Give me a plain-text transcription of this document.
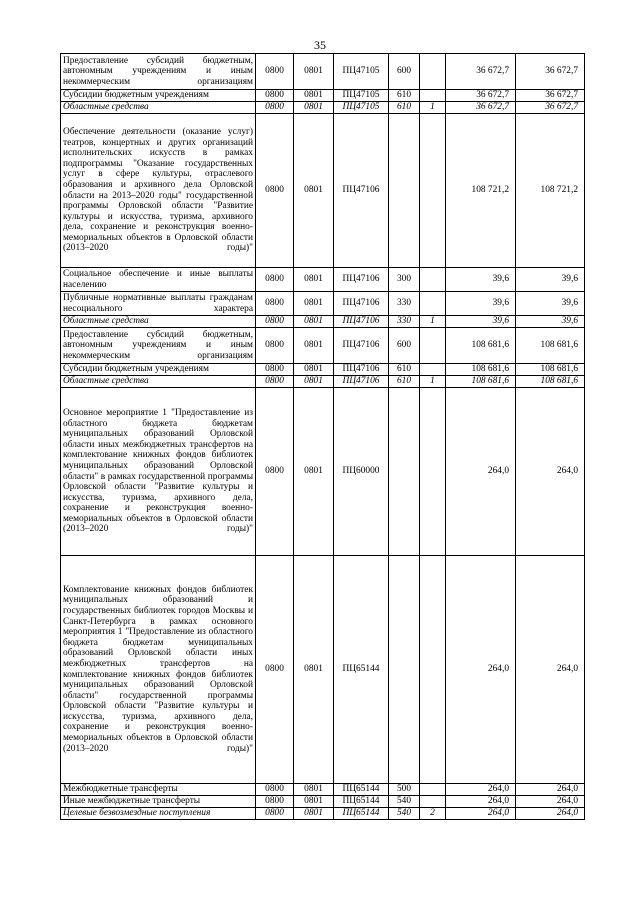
35
Предоставление субсидий бюджетным, автономным учреждениям и иным некоммерческим организациям	0800	0801	ПЦ47105	600		36 672,7	36 672,7
Субсидии бюджетным учреждениям	0800	0801	ПЦ47105	610		36 672,7	36 672,7
Областные средства	0800	0801	ПЦ47105	610	1	36 672,7	36 672,7
Обеспечение деятельности (оказание услуг) театров, концертных и других организаций исполнительских искусств в рамках подпрограммы "Оказание государственных услуг в сфере культуры, отраслевого образования и архивного дела Орловской области на 2013–2020 годы" государственной программы Орловской области "Развитие культуры и искусства, туризма, архивного дела, сохранение и реконструкция военно-мемориальных объектов в Орловской области (2013–2020 годы)"	0800	0801	ПЦ47106			108 721,2	108 721,2
Социальное обеспечение и иные выплаты населению	0800	0801	ПЦ47106	300		39,6	39,6
Публичные нормативные выплаты гражданам несоциального характера	0800	0801	ПЦ47106	330		39,6	39,6
Областные средства	0800	0801	ПЦ47106	330	1	39,6	39,6
Предоставление субсидий бюджетным, автономным учреждениям и иным некоммерческим организациям	0800	0801	ПЦ47106	600		108 681,6	108 681,6
Субсидии бюджетным учреждениям	0800	0801	ПЦ47106	610		108 681,6	108 681,6
Областные средства	0800	0801	ПЦ47106	610	1	108 681,6	108 681,6
Основное мероприятие 1 "Предоставление из областного бюджета бюджетам муниципальных образований Орловской области иных межбюджетных трансфертов на комплектование книжных фондов библиотек муниципальных образований Орловской области" в рамках государственной программы Орловской области "Развитие культуры и искусства, туризма, архивного дела, сохранение и реконструкция военно-мемориальных объектов в Орловской области (2013–2020 годы)"	0800	0801	ПЦ60000			264,0	264,0
Комплектование книжных фондов библиотек муниципальных образований и государственных библиотек городов Москвы и Санкт-Петербурга в рамках основного мероприятия 1 "Предоставление из областного бюджета бюджетам муниципальных образований Орловской области иных межбюджетных трансфертов на комплектование книжных фондов библиотек муниципальных образований Орловской области" государственной программы Орловской области "Развитие культуры и искусства, туризма, архивного дела, сохранение и реконструкция военно-мемориальных объектов в Орловской области (2013–2020 годы)"	0800	0801	ПЦ65144			264,0	264,0
Межбюджетные трансферты	0800	0801	ПЦ65144	500		264,0	264,0
Иные межбюджетные трансферты	0800	0801	ПЦ65144	540		264,0	264,0
Целевые безвозмездные поступления	0800	0801	ПЦ65144	540	2	264,0	264,0
